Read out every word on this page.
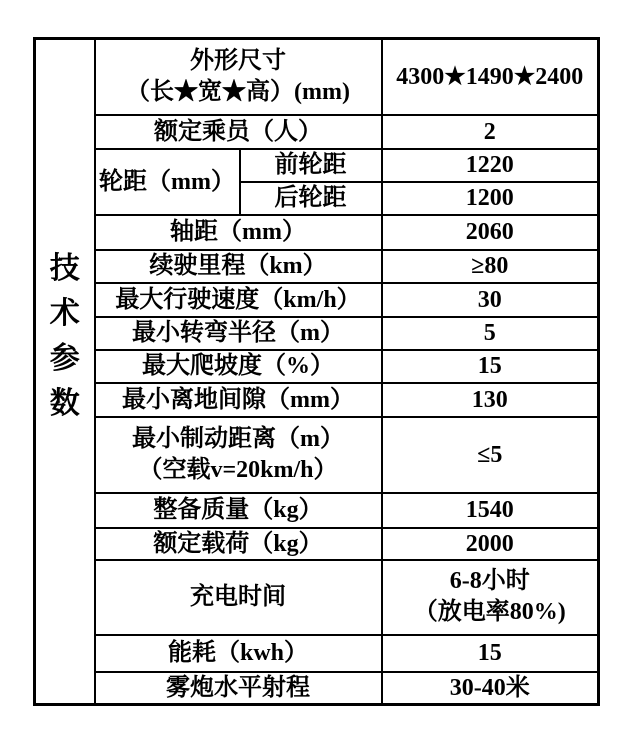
技
术
参
数

外形尺寸
（长★宽★高）(mm)
	4300★1490★2400
	额定乘员（人）		2
	轮距（mm）	前轮距	1220
		后轮距	1200
	轴距（mm）		2060
	续驶里程（km）		≥80
	最大行驶速度（km/h）		30
	最小转弯半径（m）		5
	最大爬坡度（%）		15
	最小离地间隙（mm）		130

	最小制动距离（m）
（空载v=20km/h）		≤5
	整备质量（kg）		1540
	额定载荷（kg）		2000
	充电时间		6-8小时
（放电率80%)

	能耗（kwh）		15
	雾炮水平射程		30-40米
